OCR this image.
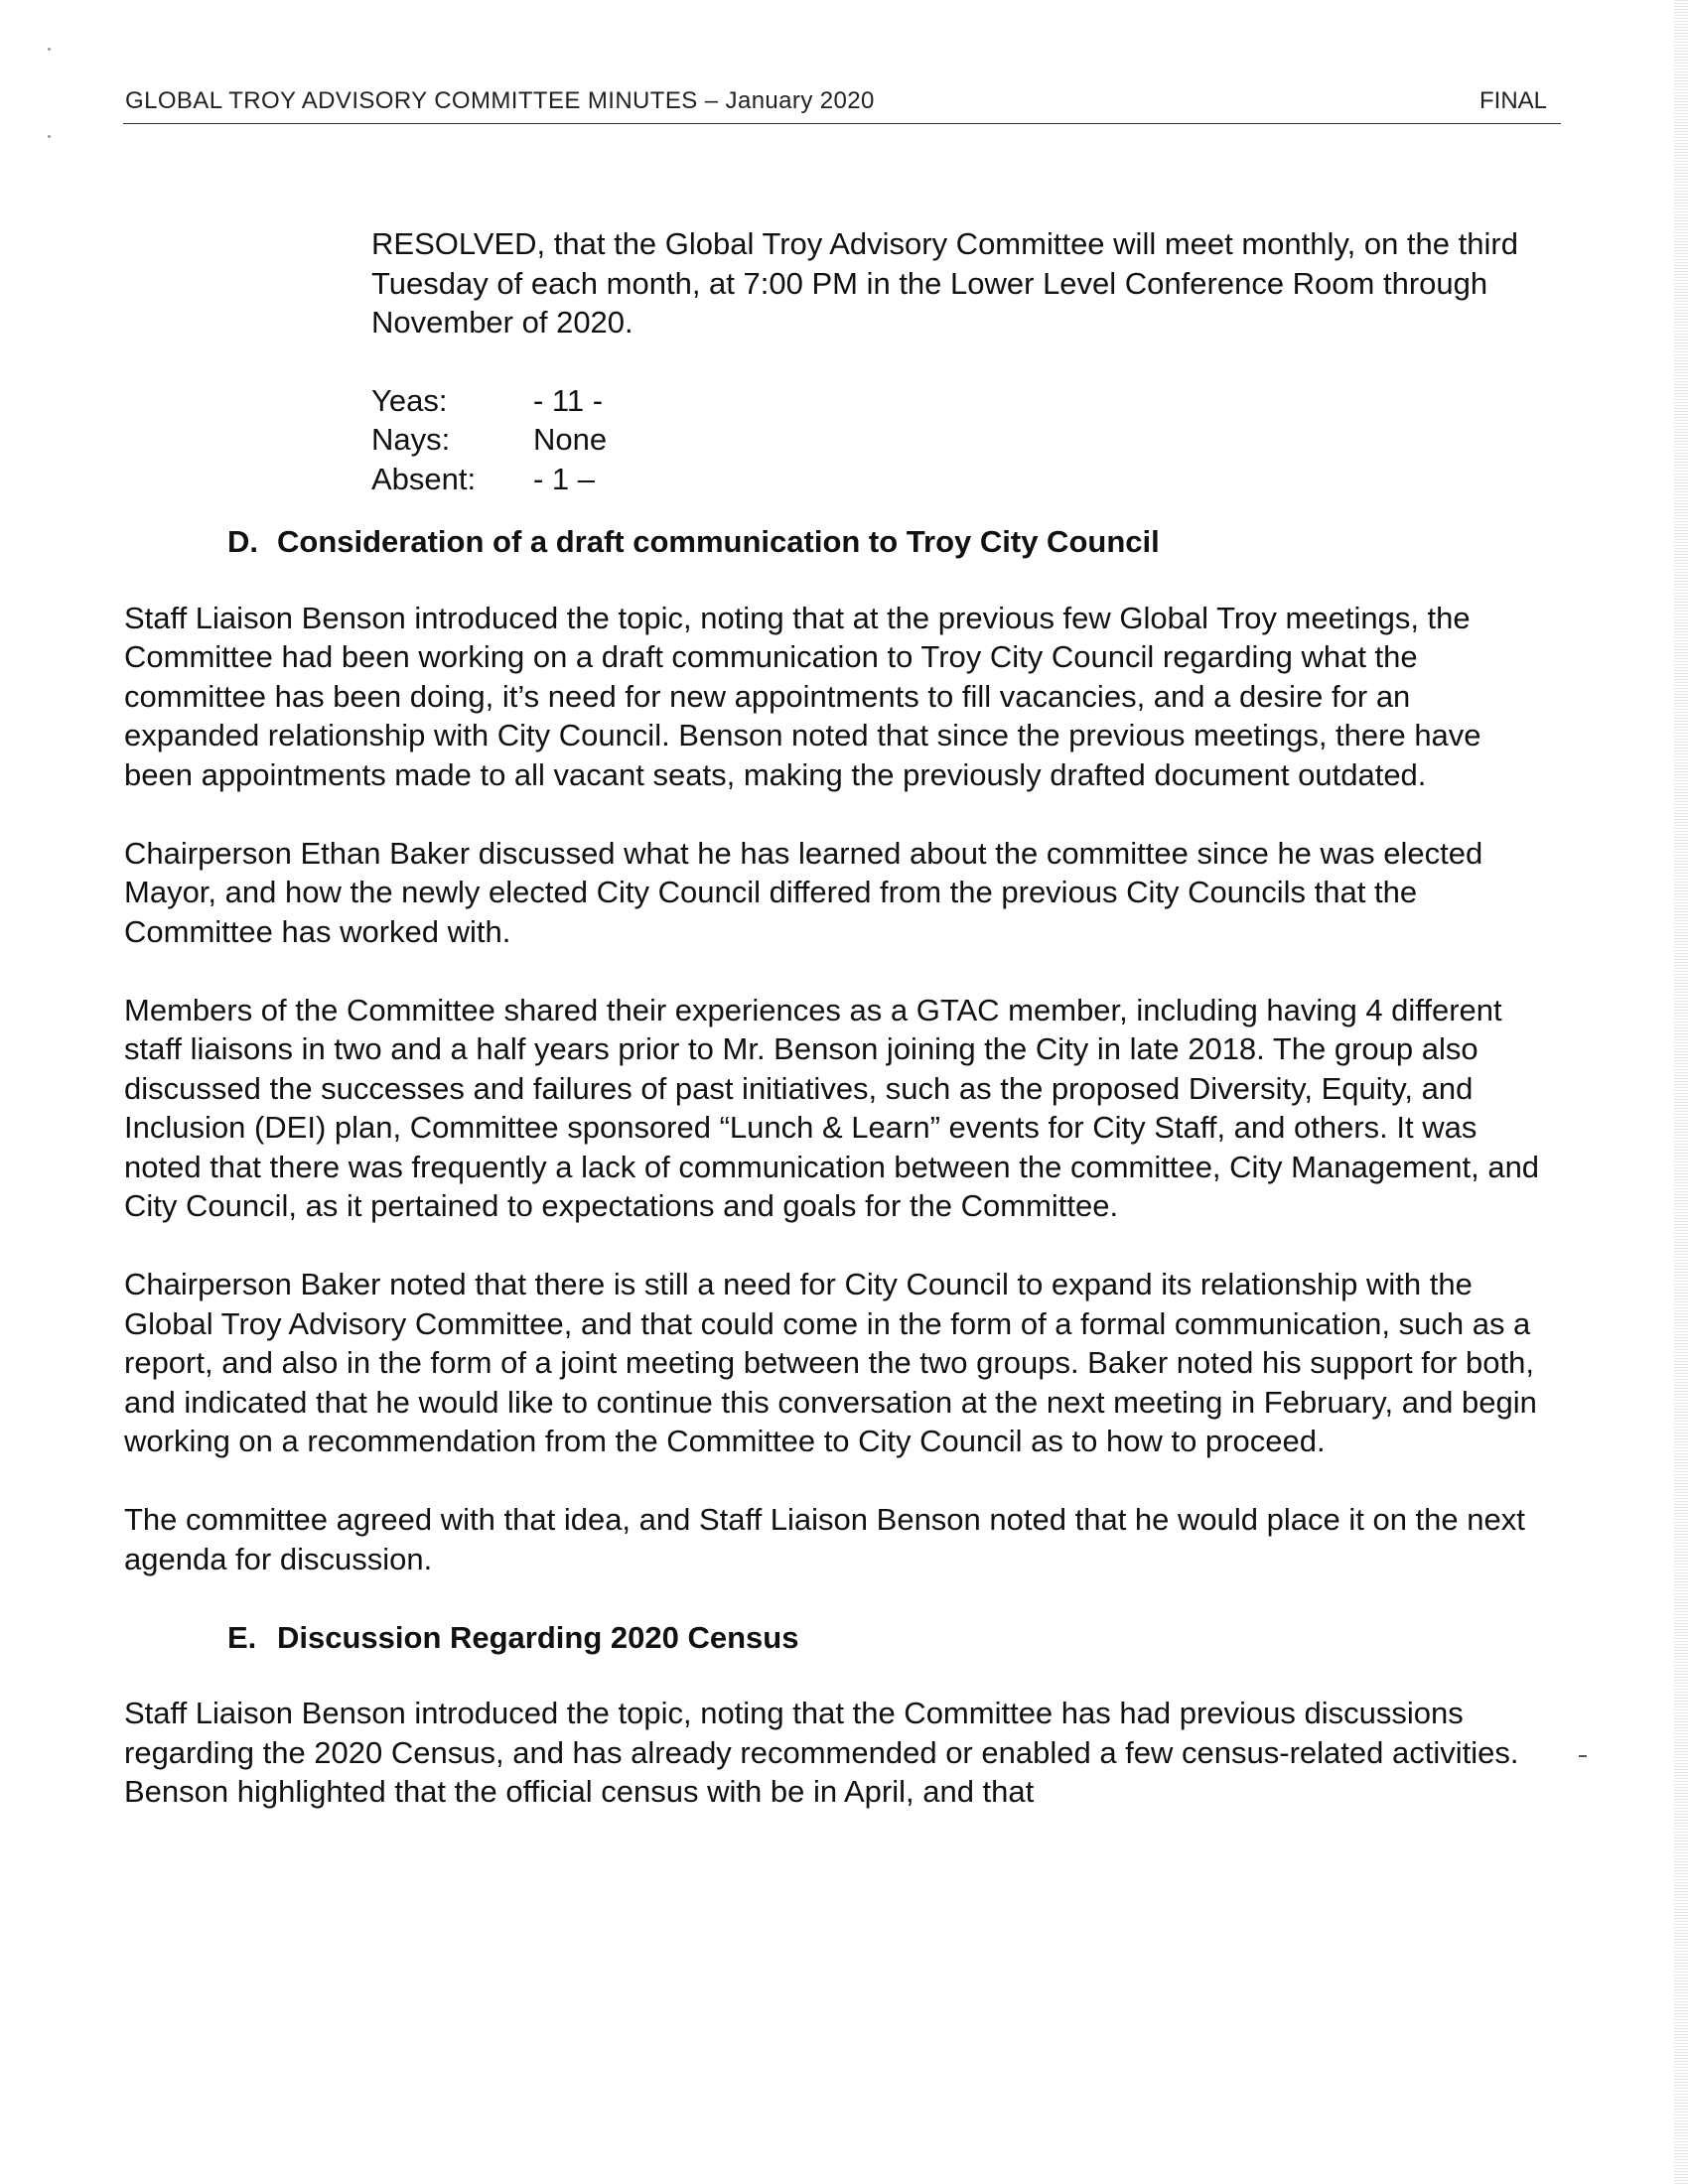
GLOBAL TROY ADVISORY COMMITTEE MINUTES – January 2020	FINAL

RESOLVED, that the Global Troy Advisory Committee will meet monthly, on the third Tuesday of each month, at 7:00 PM in the Lower Level Conference Room through November of 2020.

Yeas:	- 11 -
Nays:	None
Absent:	- 1 –
D. Consideration of a draft communication to Troy City Council

Staff Liaison Benson introduced the topic, noting that at the previous few Global Troy meetings, the Committee had been working on a draft communication to Troy City Council regarding what the committee has been doing, it’s need for new appointments to fill vacancies, and a desire for an expanded relationship with City Council. Benson noted that since the previous meetings, there have been appointments made to all vacant seats, making the previously drafted document outdated.

Chairperson Ethan Baker discussed what he has learned about the committee since he was elected Mayor, and how the newly elected City Council differed from the previous City Councils that the Committee has worked with.

Members of the Committee shared their experiences as a GTAC member, including having 4 different staff liaisons in two and a half years prior to Mr. Benson joining the City in late 2018. The group also discussed the successes and failures of past initiatives, such as the proposed Diversity, Equity, and Inclusion (DEI) plan, Committee sponsored “Lunch & Learn” events for City Staff, and others. It was noted that there was frequently a lack of communication between the committee, City Management, and City Council, as it pertained to expectations and goals for the Committee.

Chairperson Baker noted that there is still a need for City Council to expand its relationship with the Global Troy Advisory Committee, and that could come in the form of a formal communication, such as a report, and also in the form of a joint meeting between the two groups. Baker noted his support for both, and indicated that he would like to continue this conversation at the next meeting in February, and begin working on a recommendation from the Committee to City Council as to how to proceed.

The committee agreed with that idea, and Staff Liaison Benson noted that he would place it on the next agenda for discussion.

E. Discussion Regarding 2020 Census

Staff Liaison Benson introduced the topic, noting that the Committee has had previous discussions regarding the 2020 Census, and has already recommended or enabled a few census-related activities. Benson highlighted that the official census with be in April, and that
